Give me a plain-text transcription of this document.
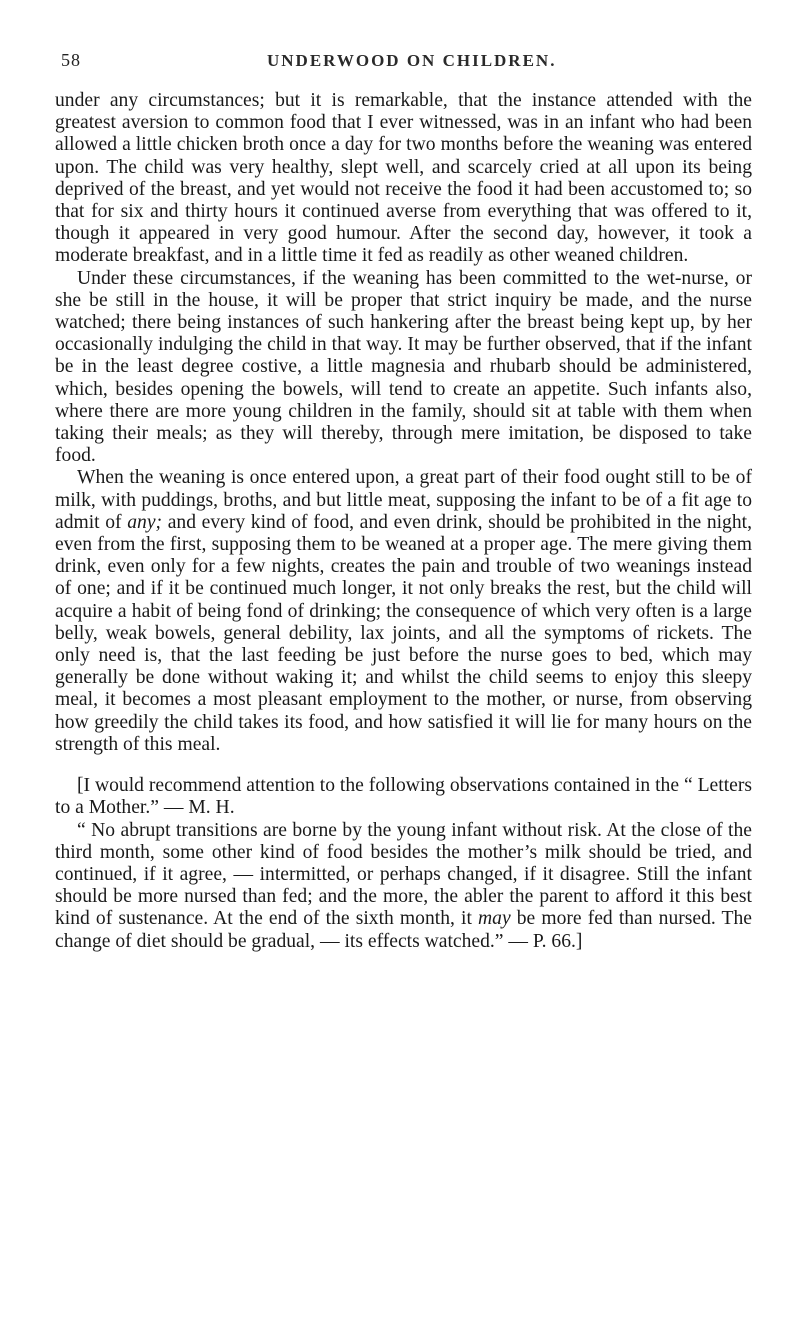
58	UNDERWOOD ON CHILDREN.

under any circumstances; but it is remarkable, that the instance attended with the greatest aversion to common food that I ever witnessed, was in an infant who had been allowed a little chicken broth once a day for two months before the weaning was entered upon. The child was very healthy, slept well, and scarcely cried at all upon its being deprived of the breast, and yet would not receive the food it had been accustomed to; so that for six and thirty hours it continued averse from everything that was offered to it, though it appeared in very good humour. After the second day, however, it took a moderate breakfast, and in a little time it fed as readily as other weaned children.

Under these circumstances, if the weaning has been committed to the wet-nurse, or she be still in the house, it will be proper that strict inquiry be made, and the nurse watched; there being instances of such hankering after the breast being kept up, by her occasionally indulging the child in that way. It may be further observed, that if the infant be in the least degree costive, a little magnesia and rhubarb should be administered, which, besides opening the bowels, will tend to create an appetite. Such infants also, where there are more young children in the family, should sit at table with them when taking their meals; as they will thereby, through mere imitation, be disposed to take food.

When the weaning is once entered upon, a great part of their food ought still to be of milk, with puddings, broths, and but little meat, supposing the infant to be of a fit age to admit of any; and every kind of food, and even drink, should be prohibited in the night, even from the first, supposing them to be weaned at a proper age. The mere giving them drink, even only for a few nights, creates the pain and trouble of two weanings instead of one; and if it be continued much longer, it not only breaks the rest, but the child will acquire a habit of being fond of drinking; the consequence of which very often is a large belly, weak bowels, general debility, lax joints, and all the symptoms of rickets. The only need is, that the last feeding be just before the nurse goes to bed, which may generally be done without waking it; and whilst the child seems to enjoy this sleepy meal, it becomes a most pleasant employment to the mother, or nurse, from observing how greedily the child takes its food, and how satisfied it will lie for many hours on the strength of this meal.

[I would recommend attention to the following observations contained in the “ Letters to a Mother.” — M. H.

“ No abrupt transitions are borne by the young infant without risk. At the close of the third month, some other kind of food besides the mother’s milk should be tried, and continued, if it agree, — intermitted, or perhaps changed, if it disagree. Still the infant should be more nursed than fed; and the more, the abler the parent to afford it this best kind of sustenance. At the end of the sixth month, it may be more fed than nursed. The change of diet should be gradual, — its effects watched.” — P. 66.]
